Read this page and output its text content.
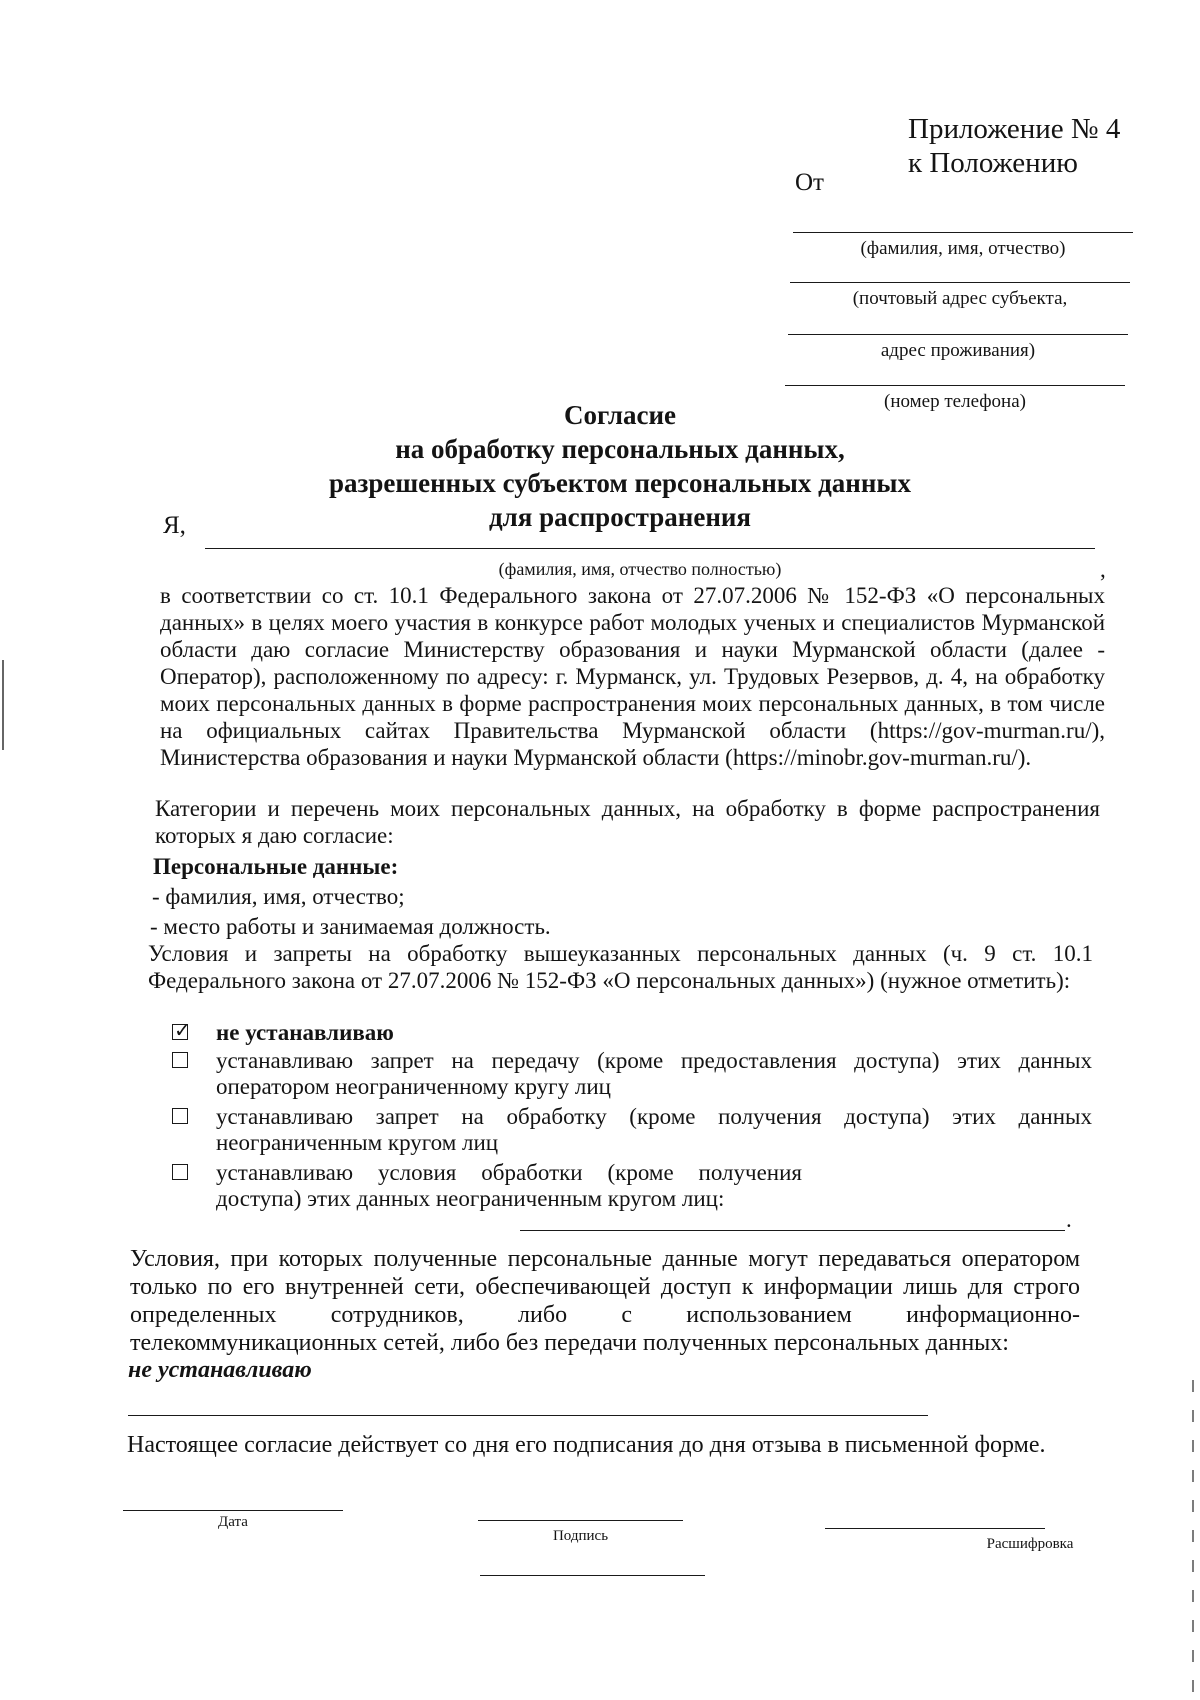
Приложение № 4
к Положению
От
(фамилия, имя, отчество)
(почтовый адрес субъекта,
адрес проживания)
(номер телефона)
Согласие
на обработку персональных данных,
разрешенных субъектом персональных данных
для распространения
Я,
,
(фамилия, имя, отчество полностью)
в соответствии со ст. 10.1 Федерального закона от 27.07.2006 № 152-ФЗ «О персональных данных» в целях моего участия в конкурсе работ молодых ученых и специалистов Мурманской области даю согласие Министерству образования и науки Мурманской области (далее - Оператор), расположенному по адресу: г. Мурманск, ул. Трудовых Резервов, д. 4, на обработку моих персональных данных в форме распространения моих персональных данных, в том числе на официальных сайтах Правительства Мурманской области (https://gov-murman.ru/), Министерства образования и науки Мурманской области (https://minobr.gov-murman.ru/).
Категории и перечень моих персональных данных, на обработку в форме распространения которых я даю согласие:
Персональные данные:
- фамилия, имя, отчество;
- место работы и занимаемая должность.
Условия и запреты на обработку вышеуказанных персональных данных (ч. 9 ст. 10.1 Федерального закона от 27.07.2006 № 152-ФЗ «О персональных данных») (нужное отметить):
✓
не устанавливаю
устанавливаю запрет на передачу (кроме предоставления доступа) этих данных оператором неограниченному кругу лиц
устанавливаю запрет на обработку (кроме получения доступа) этих данных неограниченным кругом лиц
устанавливаю условия обработки (кроме получения доступа) этих данных неограниченным кругом лиц:
.
Условия, при которых полученные персональные данные могут передаваться оператором только по его внутренней сети, обеспечивающей доступ к информации лишь для строго определенных сотрудников, либо с использованием информационно-телекоммуникационных сетей, либо без передачи полученных персональных данных:
не устанавливаю
Настоящее согласие действует со дня его подписания до дня отзыва в письменной форме.
Дата
Подпись	Расшифровка
